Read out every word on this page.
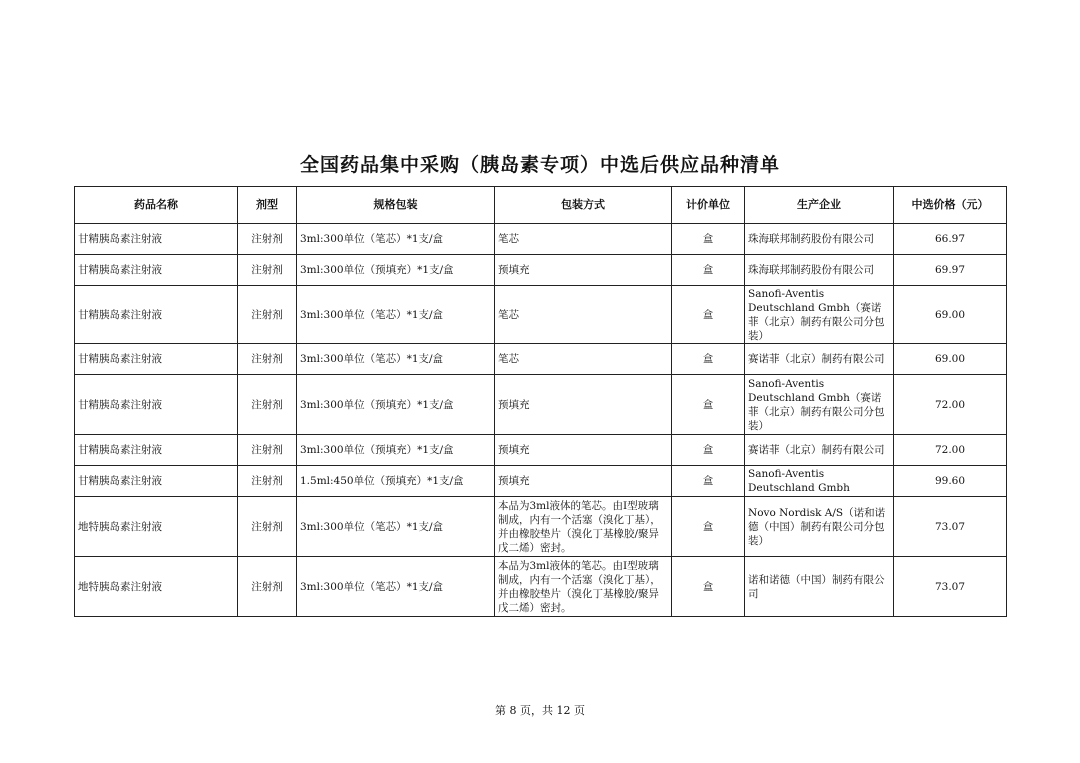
全国药品集中采购（胰岛素专项）中选后供应品种清单
药品名称	剂型	规格包装	包装方式	计价单位	生产企业	中选价格（元）
甘精胰岛素注射液	注射剂	3ml:300单位（笔芯）*1支/盒	笔芯	盒	珠海联邦制药股份有限公司	66.97
甘精胰岛素注射液	注射剂	3ml:300单位（预填充）*1支/盒	预填充	盒	珠海联邦制药股份有限公司	69.97
甘精胰岛素注射液	注射剂	3ml:300单位（笔芯）*1支/盒	笔芯	盒	Sanofi-Aventis Deutschland Gmbh（赛诺菲（北京）制药有限公司分包装）	69.00
甘精胰岛素注射液	注射剂	3ml:300单位（笔芯）*1支/盒	笔芯	盒	赛诺菲（北京）制药有限公司	69.00
甘精胰岛素注射液	注射剂	3ml:300单位（预填充）*1支/盒	预填充	盒	Sanofi-Aventis Deutschland Gmbh（赛诺菲（北京）制药有限公司分包装）	72.00
甘精胰岛素注射液	注射剂	3ml:300单位（预填充）*1支/盒	预填充	盒	赛诺菲（北京）制药有限公司	72.00
甘精胰岛素注射液	注射剂	1.5ml:450单位（预填充）*1支/盒	预填充	盒	Sanofi-Aventis Deutschland Gmbh	99.60
地特胰岛素注射液	注射剂	3ml:300单位（笔芯）*1支/盒	本品为3ml液体的笔芯。由I型玻璃制成，内有一个活塞（溴化丁基），并由橡胶垫片（溴化丁基橡胶/聚异戊二烯）密封。	盒	Novo Nordisk A/S（诺和诺德（中国）制药有限公司分包装）	73.07
地特胰岛素注射液	注射剂	3ml:300单位（笔芯）*1支/盒	本品为3ml液体的笔芯。由I型玻璃制成，内有一个活塞（溴化丁基），并由橡胶垫片（溴化丁基橡胶/聚异戊二烯）密封。	盒	诺和诺德（中国）制药有限公司	73.07
第 8 页，共 12 页
